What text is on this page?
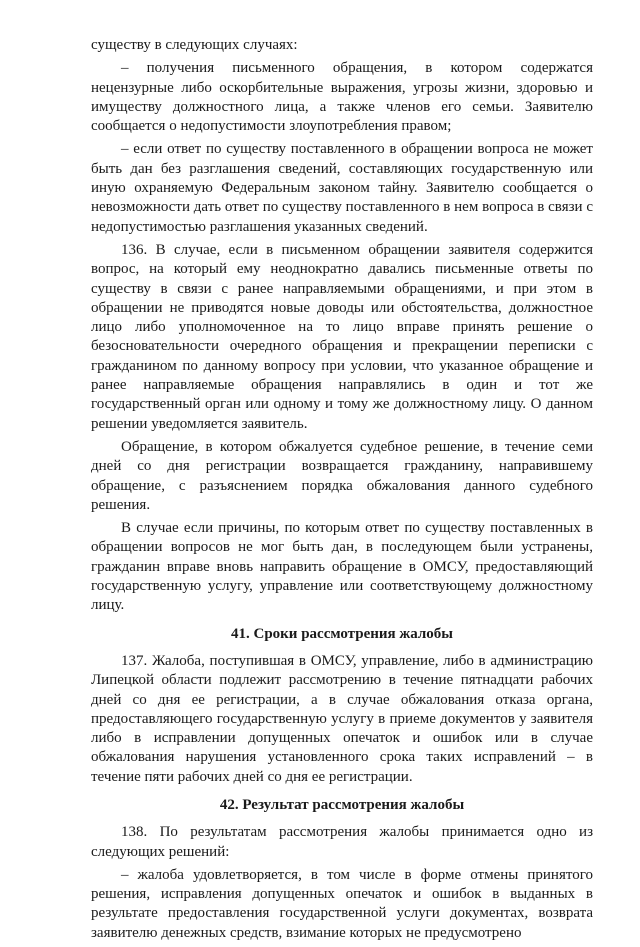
существу в следующих случаях:

– получения письменного обращения, в котором содержатся нецензурные либо оскорбительные выражения, угрозы жизни, здоровью и имуществу должностного лица, а также членов его семьи. Заявителю сообщается о недопустимости злоупотребления правом;

– если ответ по существу поставленного в обращении вопроса не может быть дан без разглашения сведений, составляющих государственную или иную охраняемую Федеральным законом тайну. Заявителю сообщается о невозможности дать ответ по существу поставленного в нем вопроса в связи с недопустимостью разглашения указанных сведений.

136. В случае, если в письменном обращении заявителя содержится вопрос, на который ему неоднократно давались письменные ответы по существу в связи с ранее направляемыми обращениями, и при этом в обращении не приводятся новые доводы или обстоятельства, должностное лицо либо уполномоченное на то лицо вправе принять решение о безосновательности очередного обращения и прекращении переписки с гражданином по данному вопросу при условии, что указанное обращение и ранее направляемые обращения направлялись в один и тот же государственный орган или одному и тому же должностному лицу. О данном решении уведомляется заявитель.

Обращение, в котором обжалуется судебное решение, в течение семи дней со дня регистрации возвращается гражданину, направившему обращение, с разъяснением порядка обжалования данного судебного решения.

В случае если причины, по которым ответ по существу поставленных в обращении вопросов не мог быть дан, в последующем были устранены, гражданин вправе вновь направить обращение в ОМСУ, предоставляющий государственную услугу, управление или соответствующему должностному лицу.

41. Сроки рассмотрения жалобы

137. Жалоба, поступившая в ОМСУ, управление, либо в администрацию Липецкой области подлежит рассмотрению в течение пятнадцати рабочих дней со дня ее регистрации, а в случае обжалования отказа органа, предоставляющего государственную услугу в приеме документов у заявителя либо в исправлении допущенных опечаток и ошибок или в случае обжалования нарушения установленного срока таких исправлений – в течение пяти рабочих дней со дня ее регистрации.

42. Результат рассмотрения жалобы

138. По результатам рассмотрения жалобы принимается одно из следующих решений:

– жалоба удовлетворяется, в том числе в форме отмены принятого решения, исправления допущенных опечаток и ошибок в выданных в результате предоставления государственной услуги документах, возврата заявителю денежных средств, взимание которых не предусмотрено
